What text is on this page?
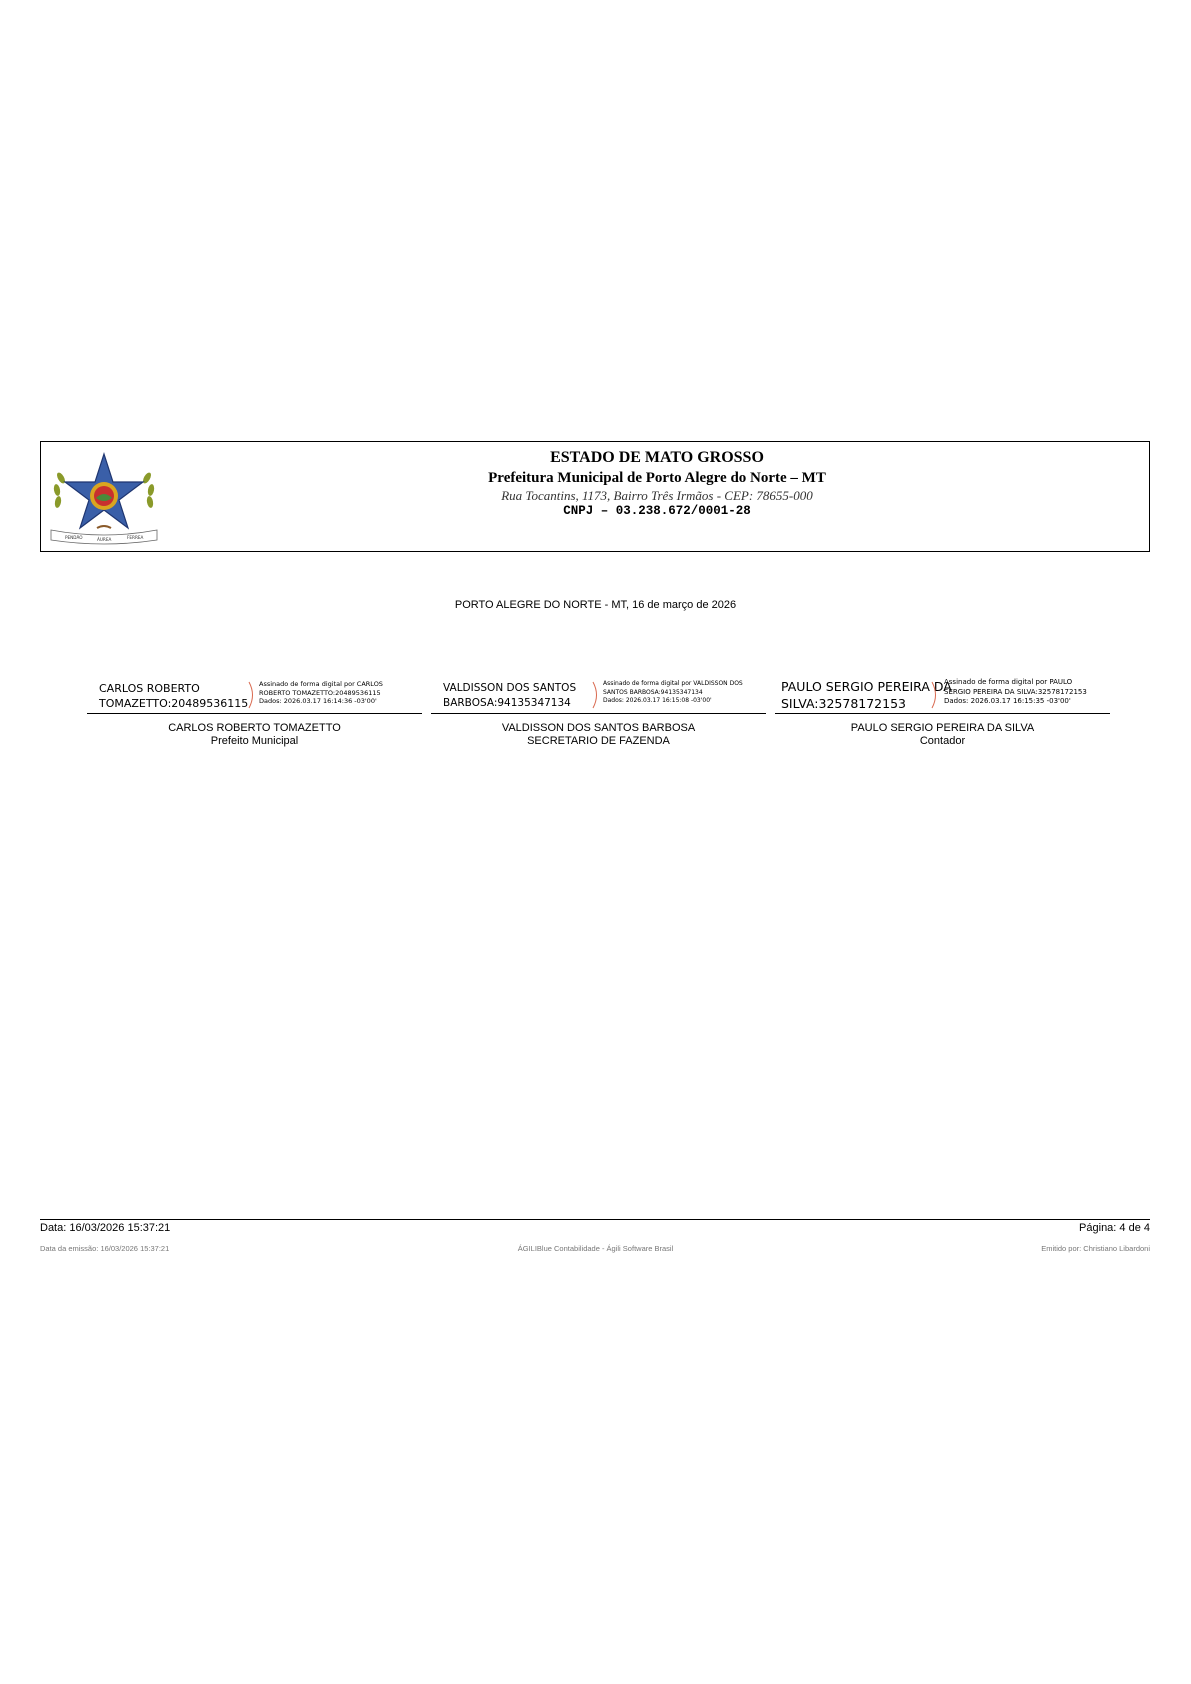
PENDÃO	ÁUREA	FERREA
ESTADO DE MATO GROSSO
Prefeitura Municipal de Porto Alegre do Norte – MT
Rua Tocantins, 1173, Bairro Três Irmãos - CEP: 78655-000
CNPJ – 03.238.672/0001-28
PORTO ALEGRE DO NORTE - MT, 16 de março de 2026
CARLOS ROBERTO
TOMAZETTO:20489536115
Assinado de forma digital por CARLOS
ROBERTO TOMAZETTO:20489536115
Dados: 2026.03.17 16:14:36 -03'00'
CARLOS ROBERTO TOMAZETTO
Prefeito Municipal
VALDISSON DOS SANTOS
BARBOSA:94135347134
Assinado de forma digital por VALDISSON DOS
SANTOS BARBOSA:94135347134
Dados: 2026.03.17 16:15:08 -03'00'
VALDISSON DOS SANTOS BARBOSA
SECRETARIO DE FAZENDA
PAULO SERGIO PEREIRA DA
SILVA:32578172153
Assinado de forma digital por PAULO
SERGIO PEREIRA DA SILVA:32578172153
Dados: 2026.03.17 16:15:35 -03'00'
PAULO SERGIO PEREIRA DA SILVA
Contador
Data: 16/03/2026 15:37:21	Página: 4 de 4
Data da emissão: 16/03/2026 15:37:21	ÁGILIBlue Contabilidade - Ágili Software Brasil	Emitido por: Christiano Libardoni
